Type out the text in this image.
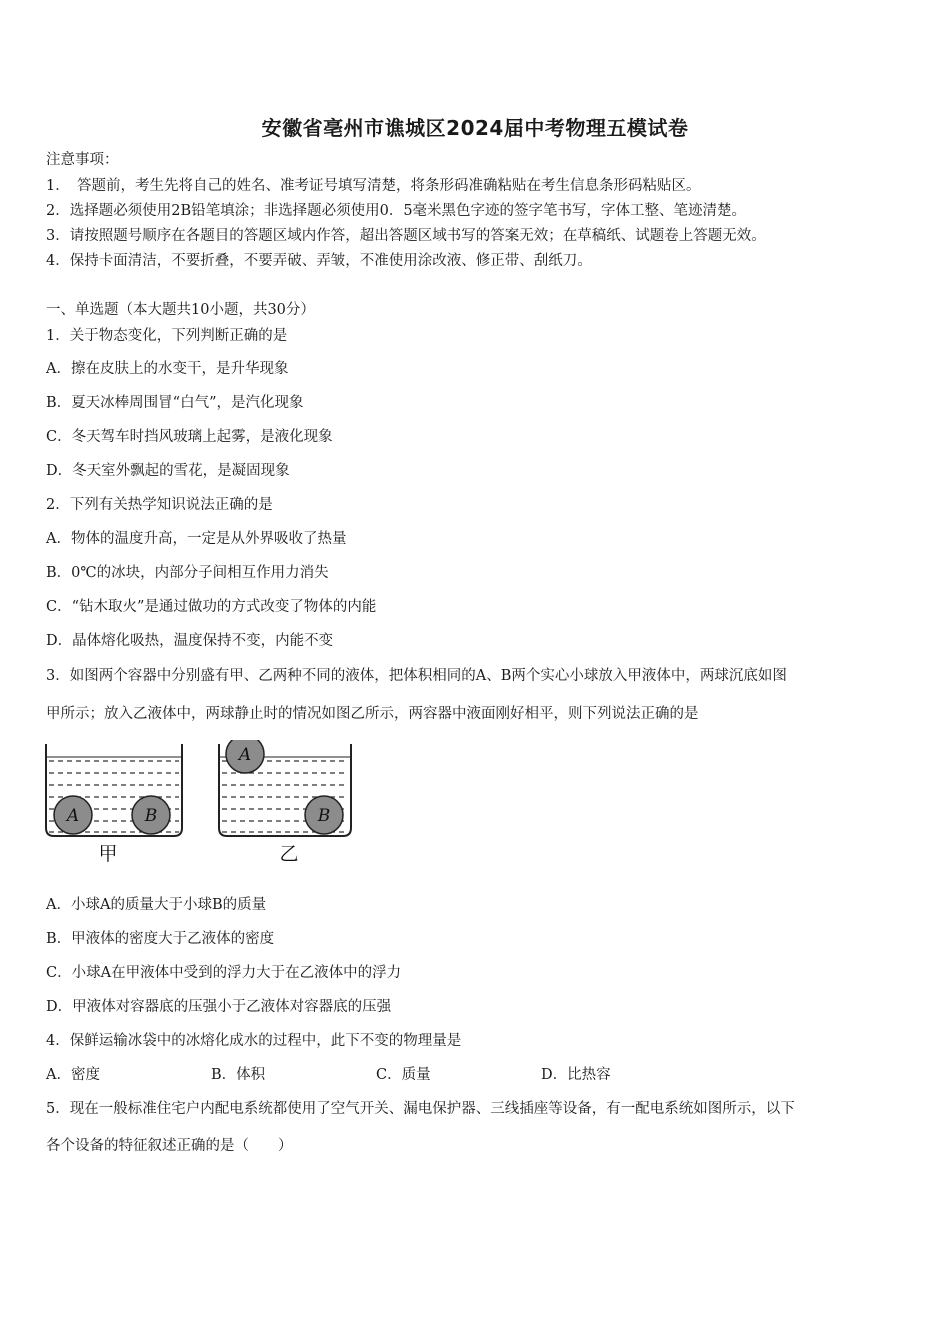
安徽省亳州市谯城区2024届中考物理五模试卷
注意事项：
1．　答题前，考生先将自己的姓名、准考证号填写清楚，将条形码准确粘贴在考生信息条形码粘贴区。
2．选择题必须使用2B铅笔填涂；非选择题必须使用0．5毫米黑色字迹的签字笔书写，字体工整、笔迹清楚。
3．请按照题号顺序在各题目的答题区域内作答，超出答题区域书写的答案无效；在草稿纸、试题卷上答题无效。
4．保持卡面清洁，不要折叠，不要弄破、弄皱，不准使用涂改液、修正带、刮纸刀。
一、单选题（本大题共10小题，共30分）
1．关于物态变化，下列判断正确的是
A．擦在皮肤上的水变干，是升华现象
B．夏天冰棒周围冒“白气”，是汽化现象
C．冬天驾车时挡风玻璃上起雾，是液化现象
D．冬天室外飘起的雪花，是凝固现象
2．下列有关热学知识说法正确的是
A．物体的温度升高，一定是从外界吸收了热量
B．0℃的冰块，内部分子间相互作用力消失
C．“钻木取火”是通过做功的方式改变了物体的内能
D．晶体熔化吸热，温度保持不变，内能不变
3．如图两个容器中分别盛有甲、乙两种不同的液体，把体积相同的A、B两个实心小球放入甲液体中，两球沉底如图
甲所示；放入乙液体中，两球静止时的情况如图乙所示，两容器中液面刚好相平，则下列说法正确的是
A	B
甲
A
B
乙
A．小球A的质量大于小球B的质量
B．甲液体的密度大于乙液体的密度
C．小球A在甲液体中受到的浮力大于在乙液体中的浮力
D．甲液体对容器底的压强小于乙液体对容器底的压强
4．保鲜运输冰袋中的冰熔化成水的过程中，此下不变的物理量是
A．密度	B．体积	C．质量	D．比热容
5．现在一般标准住宅户内配电系统都使用了空气开关、漏电保护器、三线插座等设备，有一配电系统如图所示，以下
各个设备的特征叙述正确的是（　　）
